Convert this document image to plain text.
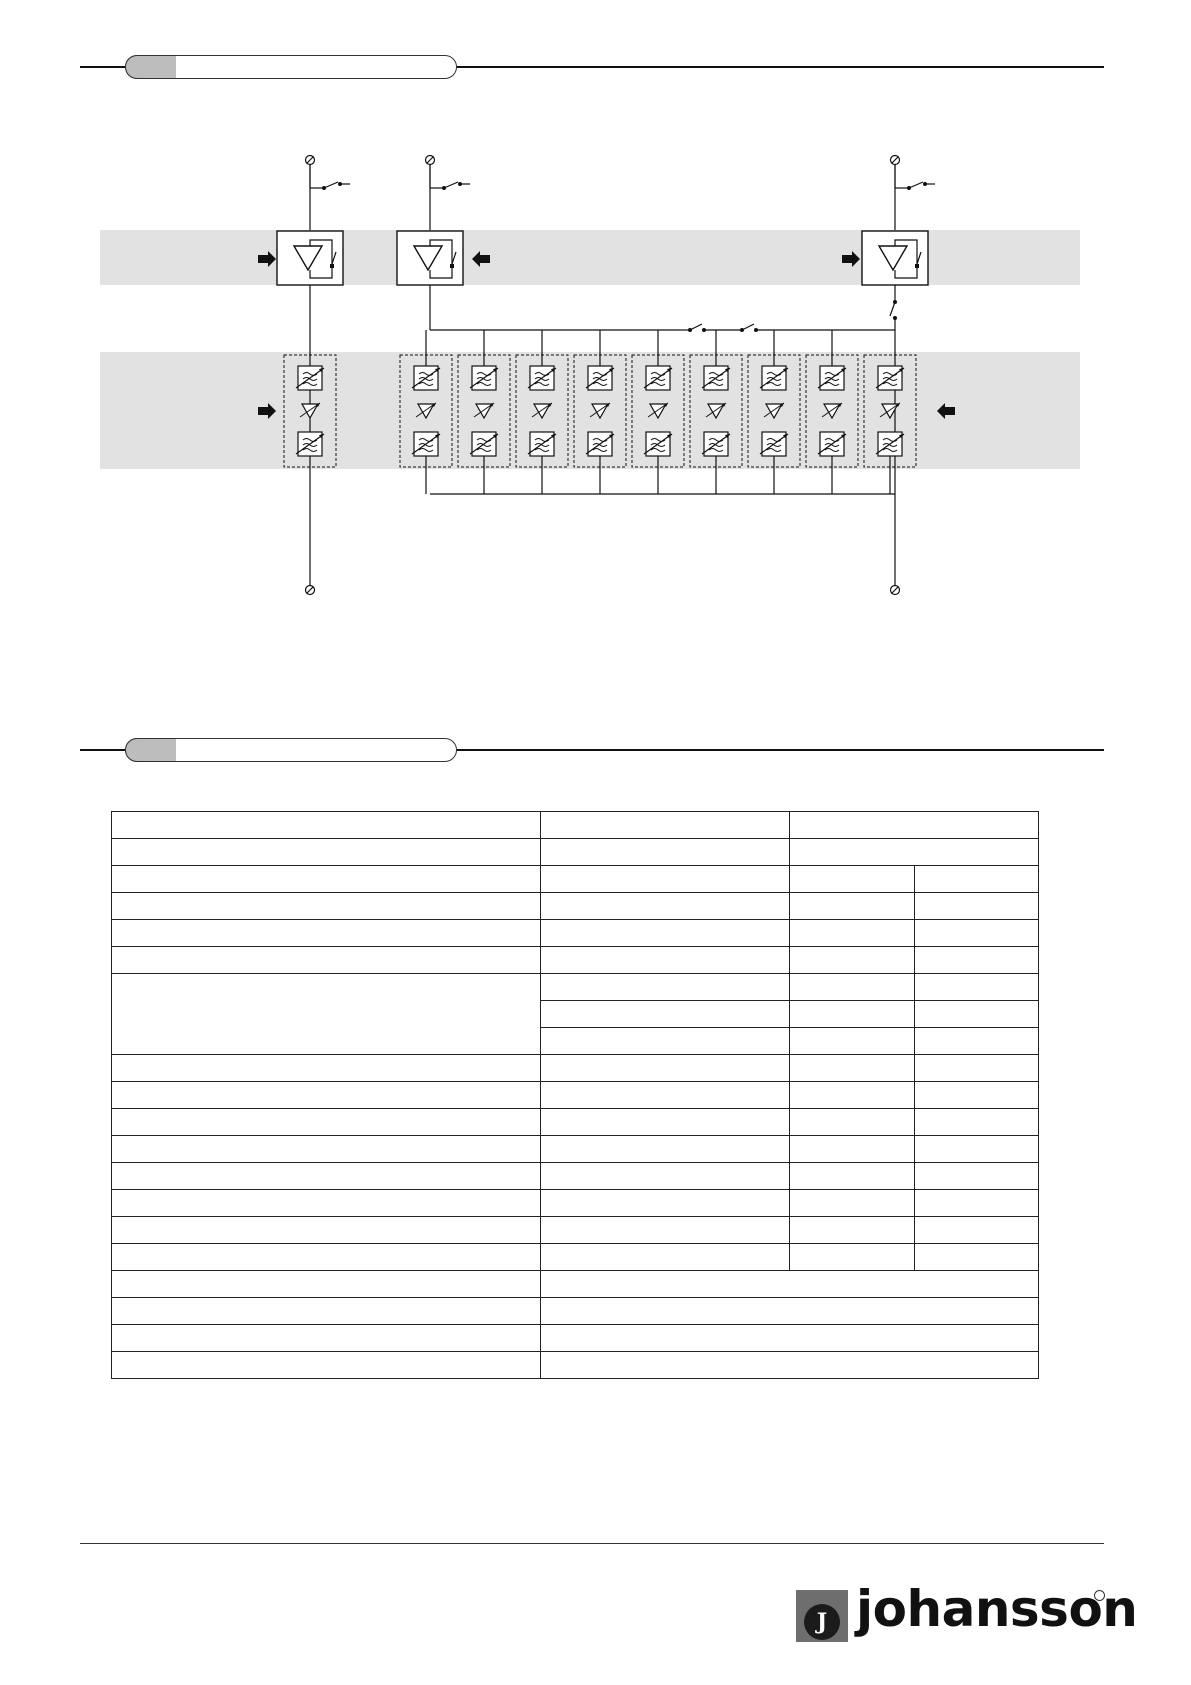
J johansson
